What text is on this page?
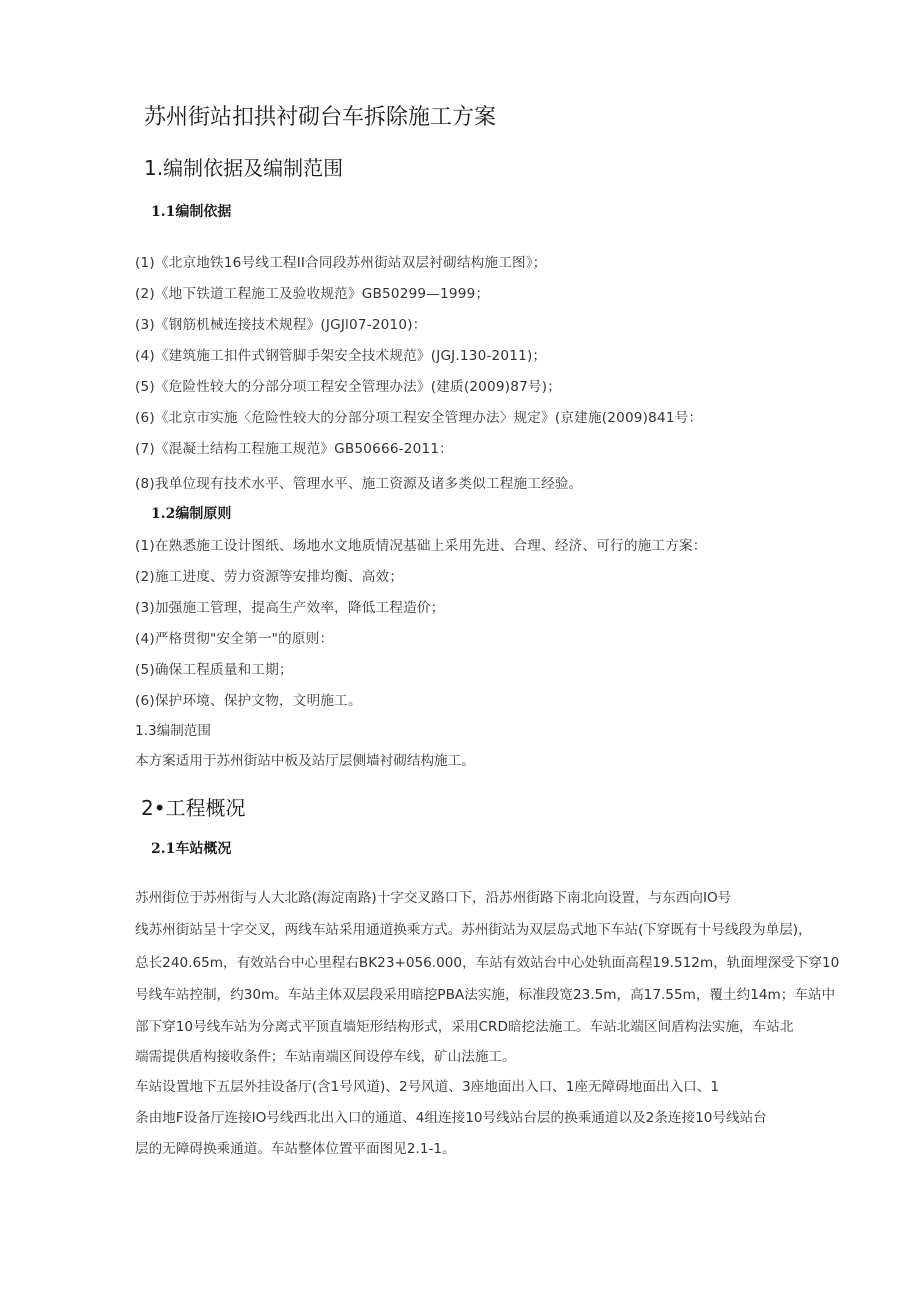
苏州街站扣拱衬砌台车拆除施工方案
1.编制依据及编制范围
1.1编制依据
(1)《北京地铁16号线工程II合同段苏州街站双层衬砌结构施工图》；
(2)《地下铁道工程施工及验收规范》GB50299—1999；
(3)《钢筋机械连接技术规程》(JGJl07-2010)：
(4)《建筑施工扣件式钢管脚手架安全技术规范》(JGJ.130-2011)；
(5)《危险性较大的分部分项工程安全管理办法》(建质(2009)87号)；
(6)《北京市实施〈危险性较大的分部分项工程安全管理办法〉规定》(京建施(2009)841号：
(7)《混凝土结构工程施工规范》GB50666-2011：
(8)我单位现有技术水平、管理水平、施工资源及诸多类似工程施工经验。
1.2编制原则
(1)在熟悉施工设计图纸、场地水文地质情况基础上采用先进、合理、经济、可行的施工方案：
(2)施工进度、劳力资源等安排均衡、高效；
(3)加强施工管理，提高生产效率，降低工程造价；
(4)严格贯彻"安全第一"的原则：
(5)确保工程质量和工期；
(6)保护环境、保护文物，文明施工。
1.3编制范围
本方案适用于苏州街站中板及站厅层侧墙衬砌结构施工。
2•工程概况
2.1车站概况
苏州街位于苏州街与人大北路(海淀南路)十字交叉路口下，沿苏州街路下南北向设置，与东西向IO号
线苏州街站呈十字交叉，两线车站采用通道换乘方式。苏州街站为双层岛式地下车站(下穿既有十号线段为单层)，
总长240.65m，有效站台中心里程右BK23+056.000，车站有效站台中心处轨面高程19.512m，轨面埋深受下穿10
号线车站控制，约30m。车站主体双层段采用暗挖PBA法实施，标准段宽23.5m，高17.55m，覆土约14m；车站中
部下穿10号线车站为分离式平顶直墙矩形结构形式，采用CRD暗挖法施工。车站北端区间盾构法实施，车站北
端需提供盾构接收条件；车站南端区间设停车线，矿山法施工。
车站设置地下五层外挂设备厅(含1号风道)、2号风道、3座地面出入口、1座无障碍地面出入口、1
条由地F设备厅连接IO号线西北出入口的通道、4组连接10号线站台层的换乘通道以及2条连接10号线站台
层的无障碍换乘通道。车站整体位置平面图见2.1-1。
